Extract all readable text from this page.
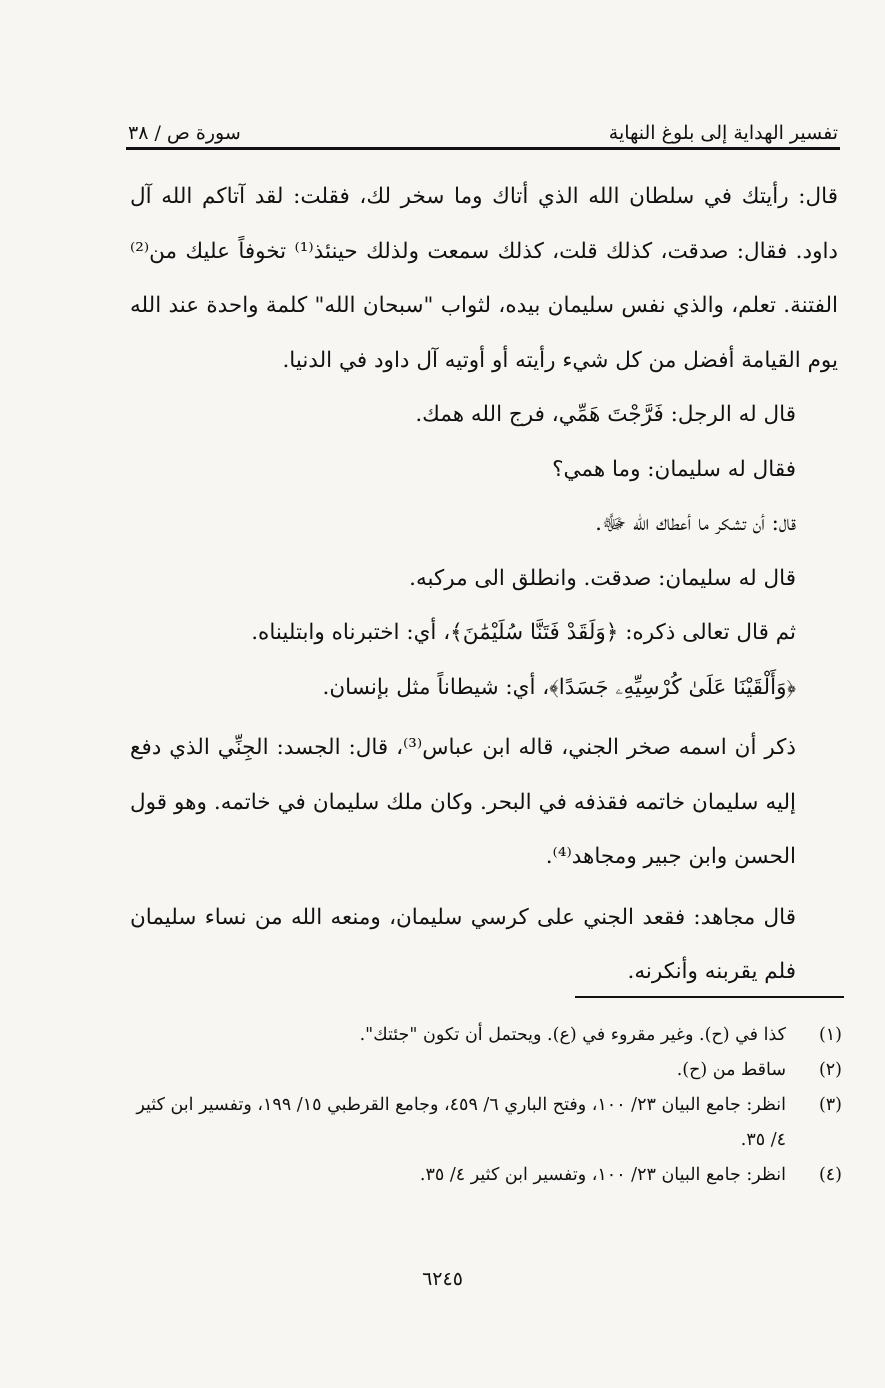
تفسير الهداية إلى بلوغ النهاية
سورة ص / ٣٨

قال: رأيتك في سلطان الله الذي أتاك وما سخر لك، فقلت: لقد آتاكم الله آل داود. فقال: صدقت، كذلك قلت، كذلك سمعت ولذلك حينئذ⁽¹⁾ تخوفاً عليك من⁽²⁾ الفتنة. تعلم، والذي نفس سليمان بيده، لثواب "سبحان الله" كلمة واحدة عند الله يوم القيامة أفضل من كل شيء رأيته أو أوتيه آل داود في الدنيا.

قال له الرجل: فَرَّجْتَ هَمِّي، فرج الله همك.

فقال له سليمان: وما همي؟

قال: أن تشكر ما أعطاك الله ﷻ.

قال له سليمان: صدقت. وانطلق الى مركبه.

ثم قال تعالى ذكره: ﴿وَلَقَدْ فَتَنَّا سُلَيْمَٰنَ﴾، أي: اختبرناه وابتليناه.

﴿وَأَلْقَيْنَا عَلَىٰ كُرْسِيِّهِۦ جَسَدًا﴾، أي: شيطاناً مثل بإنسان.

ذكر أن اسمه صخر الجني، قاله ابن عباس⁽³⁾، قال: الجسد: الجِنِّي الذي دفع إليه سليمان خاتمه فقذفه في البحر. وكان ملك سليمان في خاتمه. وهو قول الحسن وابن جبير ومجاهد⁽⁴⁾.

قال مجاهد: فقعد الجني على كرسي سليمان، ومنعه الله من نساء سليمان فلم يقربنه وأنكرنه.

(١)
كذا في (ح). وغير مقروء في (ع). ويحتمل أن تكون "جئتك".
(٢)
ساقط من (ح).
(٣)
انظر: جامع البيان ٢٣/ ١٠٠، وفتح الباري ٦/ ٤٥٩، وجامع القرطبي ١٥/ ١٩٩، وتفسير ابن كثير ٤/ ٣٥.
(٤)
انظر: جامع البيان ٢٣/ ١٠٠، وتفسير ابن كثير ٤/ ٣٥.
٦٢٤٥
